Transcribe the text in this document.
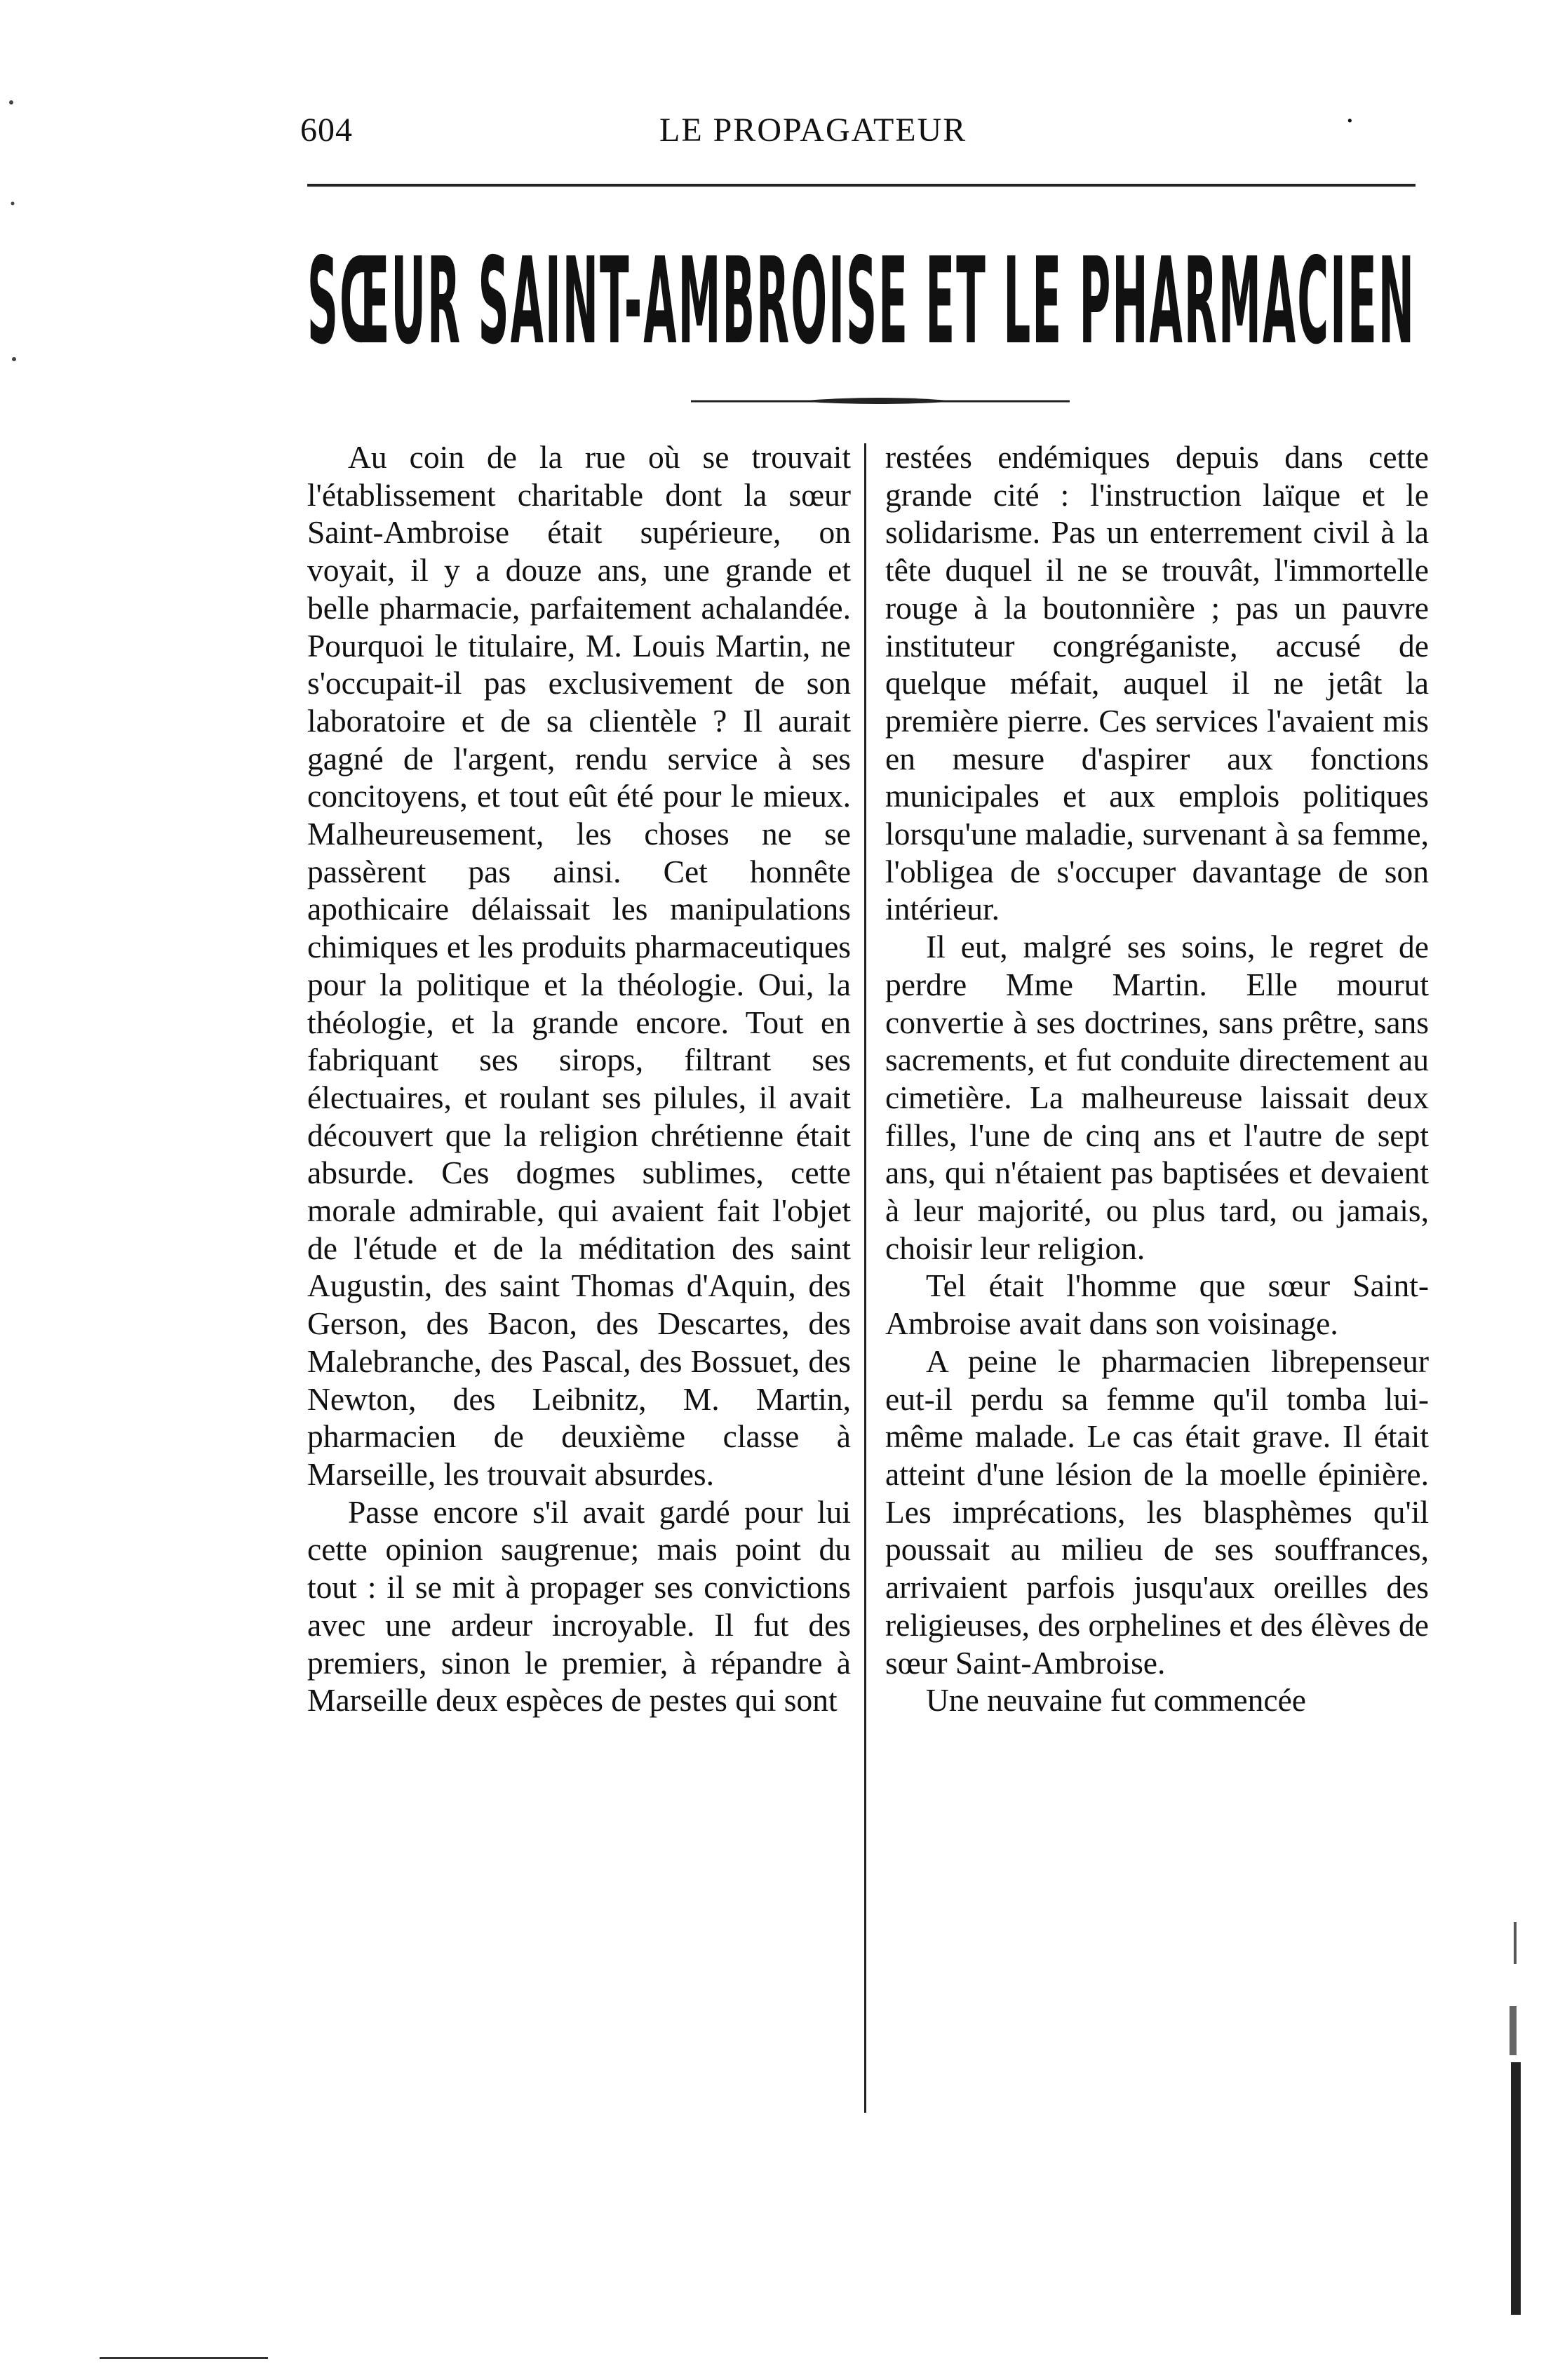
604	LE PROPAGATEUR	·
SŒUR SAINT-AMBROISE ET LE PHARMACIEN

Au coin de la rue où se trouvait l'établissement charitable dont la sœur Saint-Ambroise était supérieure, on voyait, il y a douze ans, une grande et belle pharmacie, parfaitement achalandée. Pourquoi le titulaire, M. Louis Martin, ne s'occupait-il pas exclusivement de son laboratoire et de sa clientèle ? Il aurait gagné de l'argent, rendu service à ses concitoyens, et tout eût été pour le mieux. Malheureusement, les choses ne se passèrent pas ainsi. Cet honnête apothicaire délaissait les manipulations chimiques et les produits pharmaceutiques pour la politique et la théologie. Oui, la théologie, et la grande encore. Tout en fabriquant ses sirops, filtrant ses électuaires, et roulant ses pilules, il avait découvert que la religion chrétienne était absurde. Ces dogmes sublimes, cette morale admirable, qui avaient fait l'objet de l'étude et de la méditation des saint Augustin, des saint Thomas d'Aquin, des Gerson, des Bacon, des Descartes, des Malebranche, des Pascal, des Bossuet, des Newton, des Leibnitz, M. Martin, pharmacien de deuxième classe à Marseille, les trouvait absurdes.

Passe encore s'il avait gardé pour lui cette opinion saugrenue; mais point du tout : il se mit à propager ses convictions avec une ardeur incroyable. Il fut des premiers, sinon le premier, à répandre à Marseille deux espèces de pestes qui sont

restées endémiques depuis dans cette grande cité : l'instruction laïque et le solidarisme. Pas un enterrement civil à la tête duquel il ne se trouvât, l'immortelle rouge à la boutonnière ; pas un pauvre instituteur congréganiste, accusé de quelque méfait, auquel il ne jetât la première pierre. Ces services l'avaient mis en mesure d'aspirer aux fonctions municipales et aux emplois politiques lorsqu'une maladie, survenant à sa femme, l'obligea de s'occuper davantage de son intérieur.

Il eut, malgré ses soins, le regret de perdre Mme Martin. Elle mourut convertie à ses doctrines, sans prêtre, sans sacrements, et fut conduite directement au cimetière. La malheureuse laissait deux filles, l'une de cinq ans et l'autre de sept ans, qui n'étaient pas baptisées et devaient à leur majorité, ou plus tard, ou jamais, choisir leur religion.

Tel était l'homme que sœur Saint-Ambroise avait dans son voisinage.

A peine le pharmacien librepenseur eut-il perdu sa femme qu'il tomba lui-même malade. Le cas était grave. Il était atteint d'une lésion de la moelle épinière. Les imprécations, les blasphèmes qu'il poussait au milieu de ses souffrances, arrivaient parfois jusqu'aux oreilles des religieuses, des orphelines et des élèves de sœur Saint-Ambroise.

Une neuvaine fut commencée
